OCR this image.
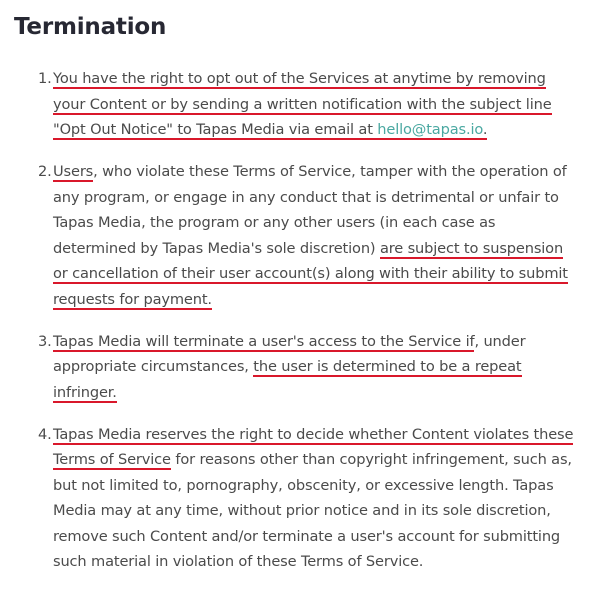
Termination
1. You have the right to opt out of the Services at anytime by removing
your Content or by sending a written notification with the subject line
"Opt Out Notice" to Tapas Media via email at hello@tapas.io.
2. Users, who violate these Terms of Service, tamper with the operation of
any program, or engage in any conduct that is detrimental or unfair to
Tapas Media, the program or any other users (in each case as
determined by Tapas Media's sole discretion) are subject to suspension
or cancellation of their user account(s) along with their ability to submit
requests for payment.
3. Tapas Media will terminate a user's access to the Service if, under
appropriate circumstances, the user is determined to be a repeat
infringer.
4. Tapas Media reserves the right to decide whether Content violates these
Terms of Service for reasons other than copyright infringement, such as,
but not limited to, pornography, obscenity, or excessive length. Tapas
Media may at any time, without prior notice and in its sole discretion,
remove such Content and/or terminate a user's account for submitting
such material in violation of these Terms of Service.
